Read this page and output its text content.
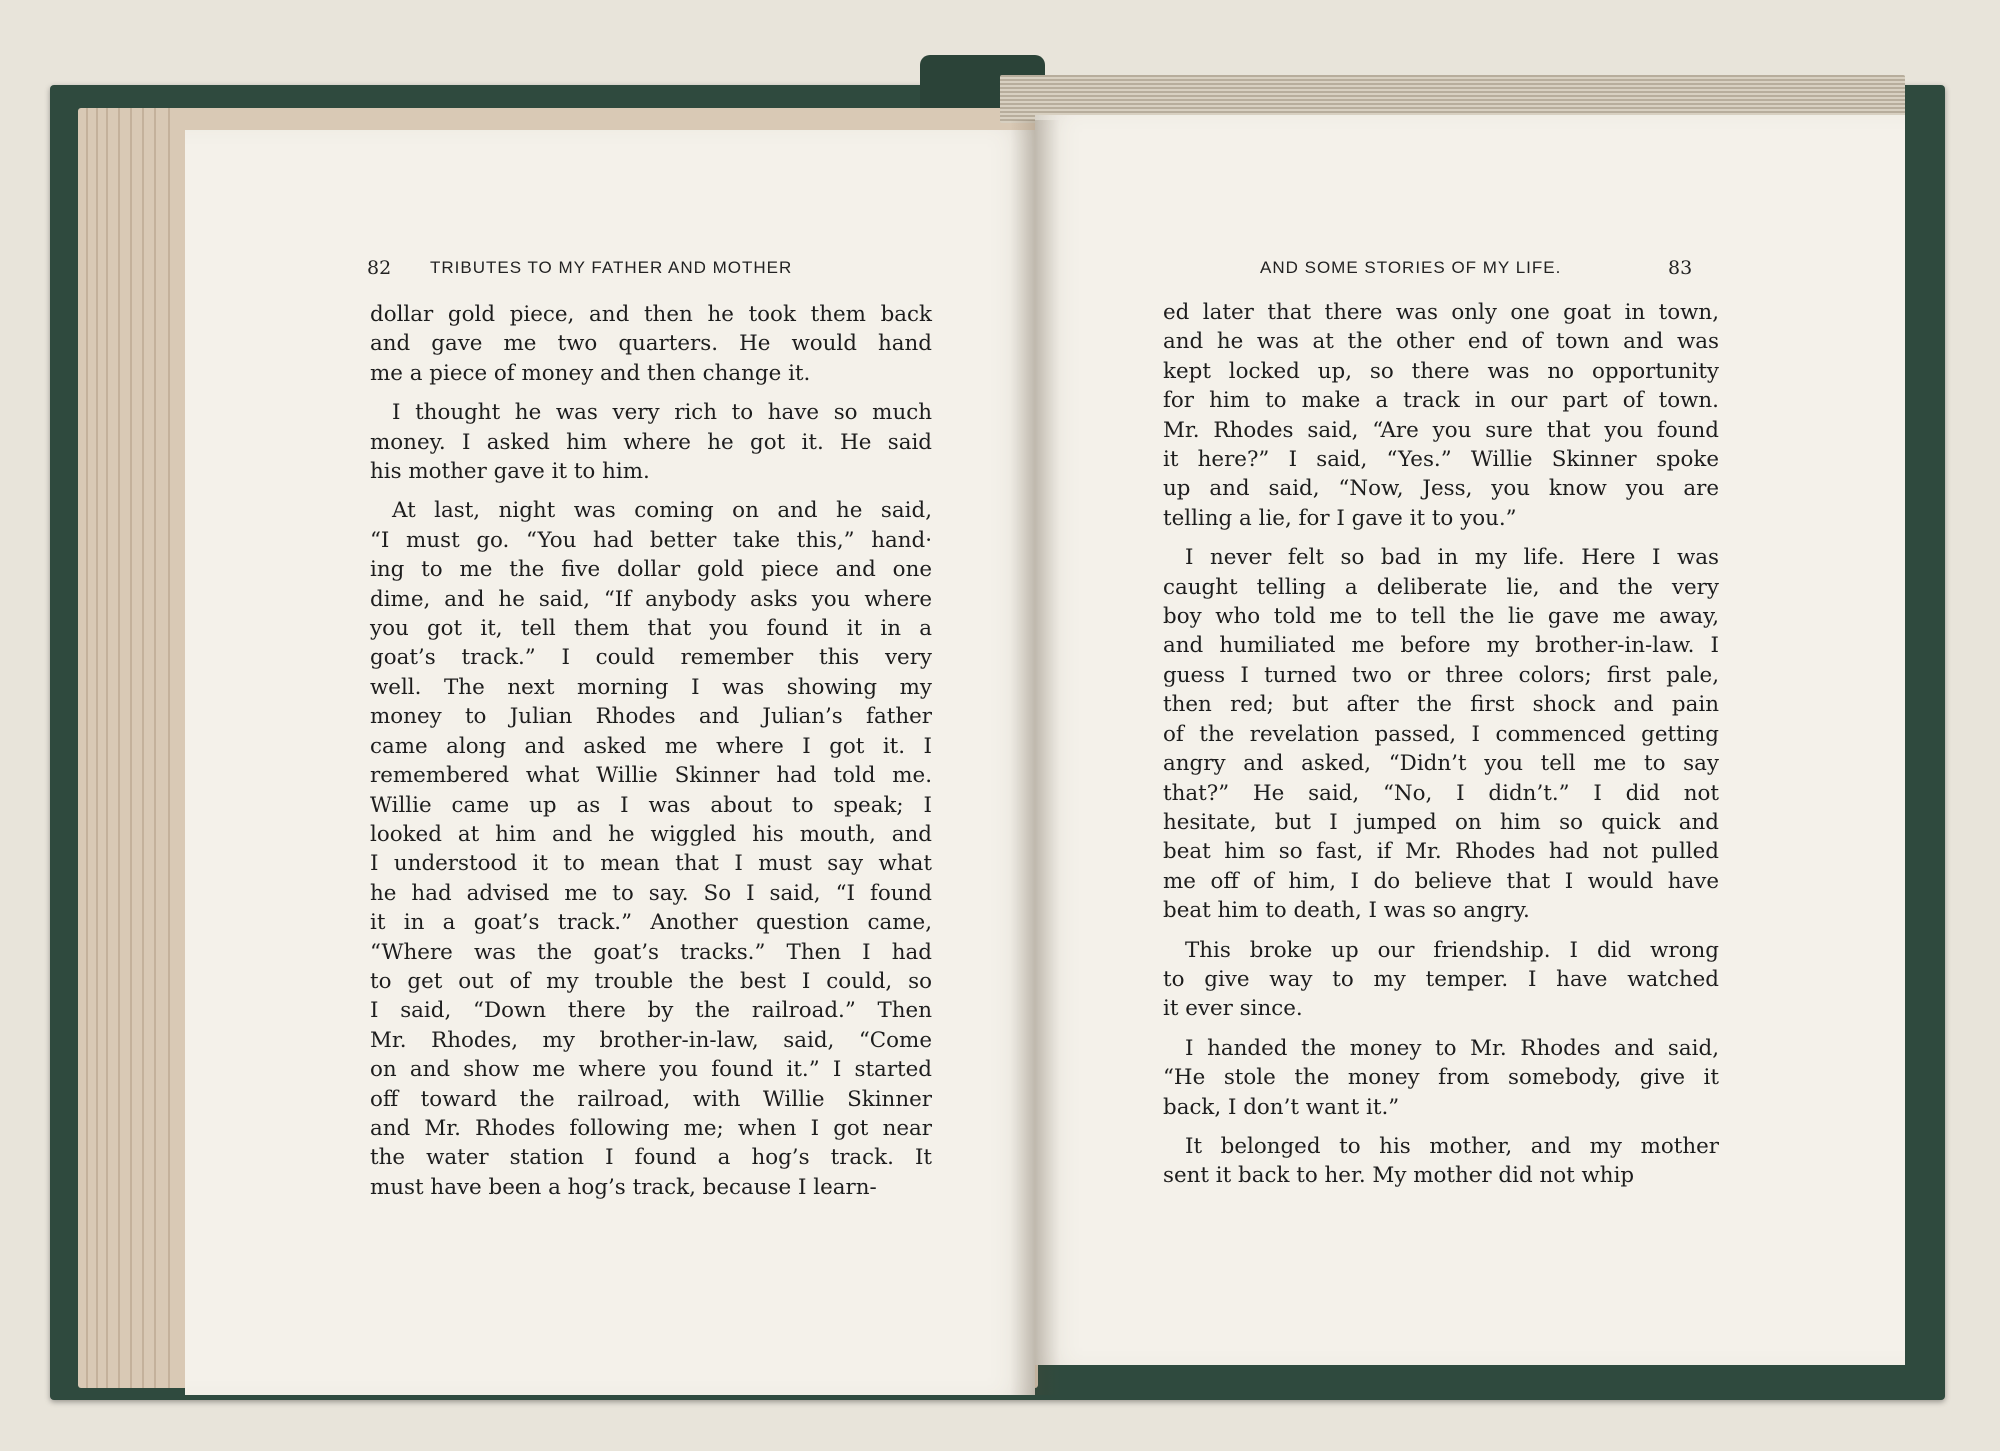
82 TRIBUTES TO MY FATHER AND MOTHER
dollar gold piece, and then he took them back
and gave me two quarters. He would hand
me a piece of money and then change it.
I thought he was very rich to have so much
money. I asked him where he got it. He said
his mother gave it to him.
At last, night was coming on and he said,
“I must go. “You had better take this,” hand·
ing to me the five dollar gold piece and one
dime, and he said, “If anybody asks you where
you got it, tell them that you found it in a
goat’s track.” I could remember this very
well. The next morning I was showing my
money to Julian Rhodes and Julian’s father
came along and asked me where I got it. I
remembered what Willie Skinner had told me.
Willie came up as I was about to speak; I
looked at him and he wiggled his mouth, and
I understood it to mean that I must say what
he had advised me to say. So I said, “I found
it in a goat’s track.” Another question came,
“Where was the goat’s tracks.” Then I had
to get out of my trouble the best I could, so
I said, “Down there by the railroad.” Then
Mr. Rhodes, my brother-in-law, said, “Come
on and show me where you found it.” I started
off toward the railroad, with Willie Skinner
and Mr. Rhodes following me; when I got near
the water station I found a hog’s track. It
must have been a hog’s track, because I learn-
AND SOME STORIES OF MY LIFE.	83
ed later that there was only one goat in town,
and he was at the other end of town and was
kept locked up, so there was no opportunity
for him to make a track in our part of town.
Mr. Rhodes said, “Are you sure that you found
it here?” I said, “Yes.” Willie Skinner spoke
up and said, “Now, Jess, you know you are
telling a lie, for I gave it to you.”
I never felt so bad in my life. Here I was
caught telling a deliberate lie, and the very
boy who told me to tell the lie gave me away,
and humiliated me before my brother-in-law. I
guess I turned two or three colors; first pale,
then red; but after the first shock and pain
of the revelation passed, I commenced getting
angry and asked, “Didn’t you tell me to say
that?” He said, “No, I didn’t.” I did not
hesitate, but I jumped on him so quick and
beat him so fast, if Mr. Rhodes had not pulled
me off of him, I do believe that I would have
beat him to death, I was so angry.
This broke up our friendship. I did wrong
to give way to my temper. I have watched
it ever since.
I handed the money to Mr. Rhodes and said,
“He stole the money from somebody, give it
back, I don’t want it.”
It belonged to his mother, and my mother
sent it back to her. My mother did not whip
